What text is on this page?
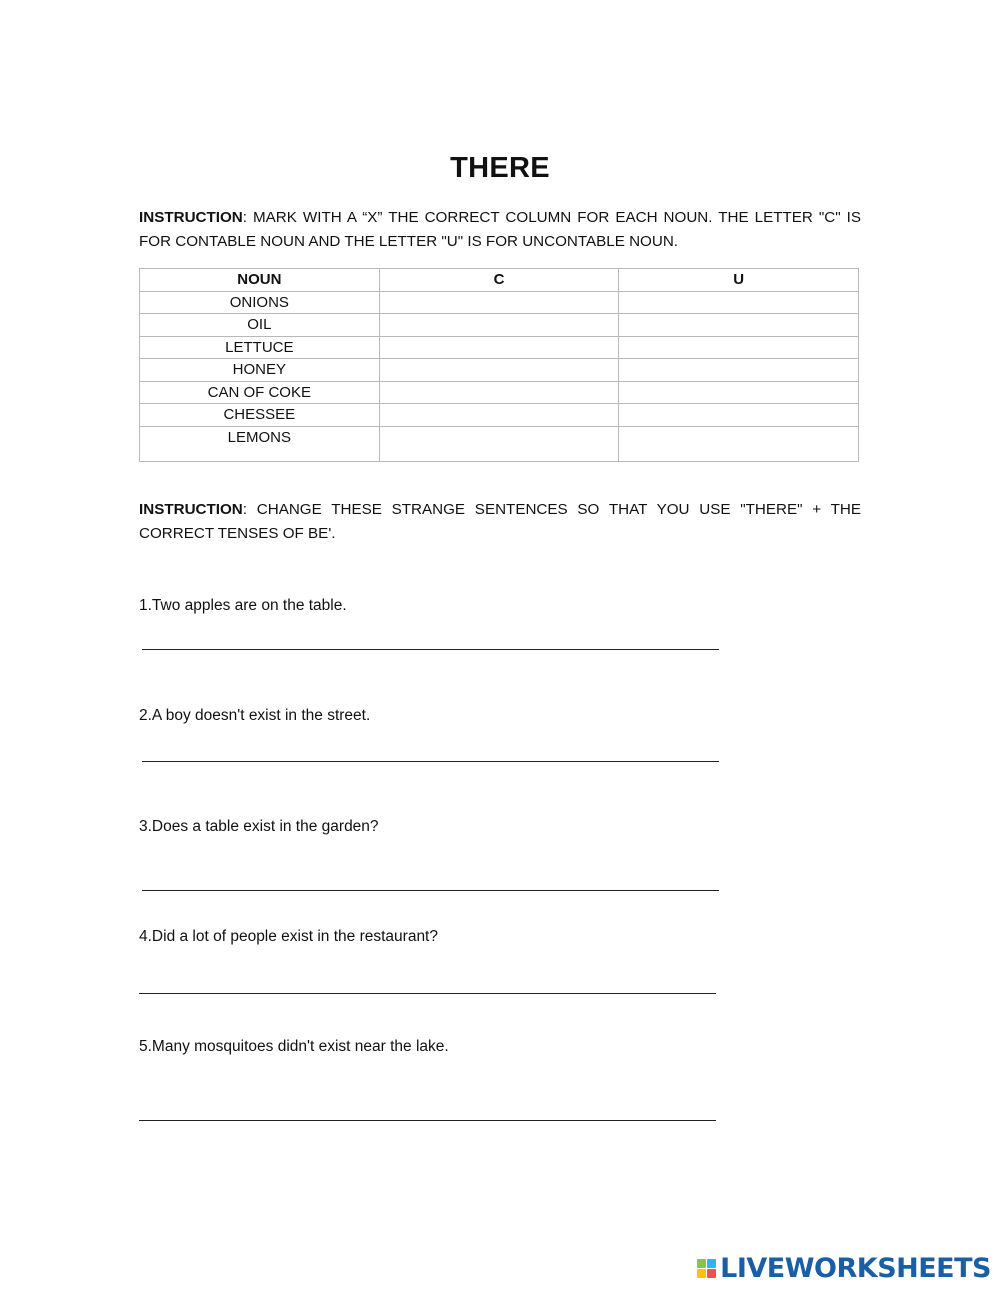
THERE
INSTRUCTION: MARK WITH A “X” THE CORRECT COLUMN FOR EACH NOUN. THE LETTER "C" IS FOR CONTABLE NOUN AND THE LETTER "U" IS FOR UNCONTABLE NOUN.
NOUN	C	U
ONIONS		
OIL		
LETTUCE		
HONEY		
CAN OF COKE		
CHESSEE		
LEMONS		
INSTRUCTION: CHANGE THESE STRANGE SENTENCES SO THAT YOU USE "THERE" + THE CORRECT TENSES OF BE'.
1.Two apples are on the table.
2.A boy doesn't exist in the street.
3.Does a table exist in the garden?
4.Did a lot of people exist in the restaurant?
5.Many mosquitoes didn't exist near the lake.
LIVEWORKSHEETS
